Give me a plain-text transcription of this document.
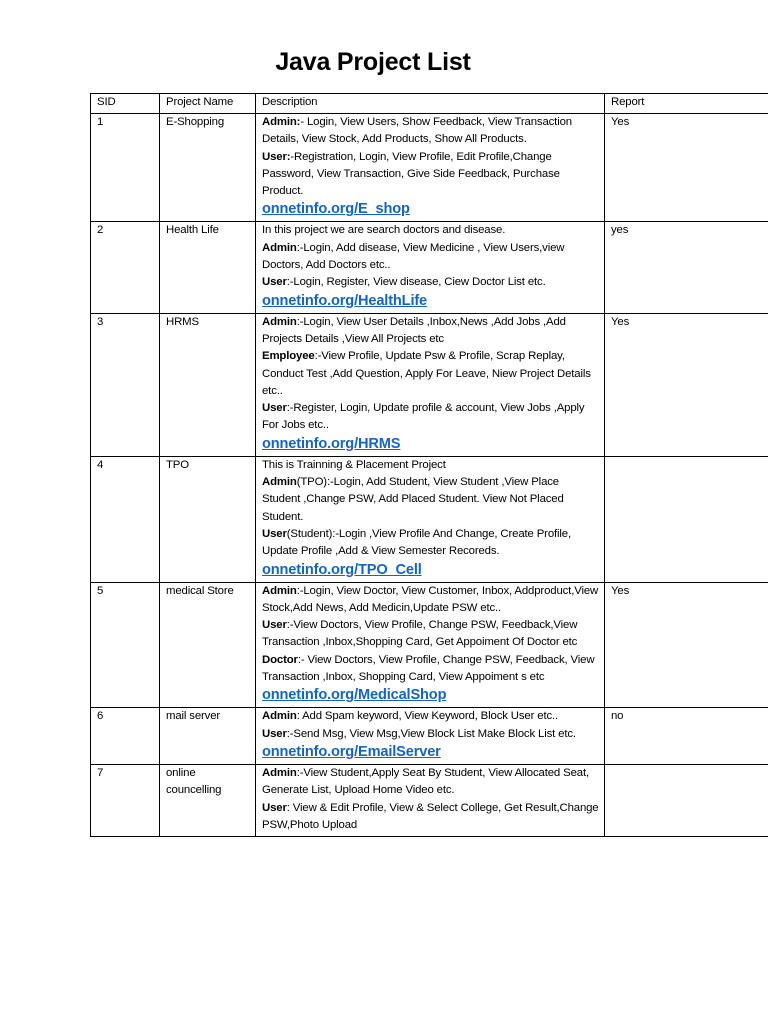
Java Project List
SID	Project Name	Description	Report
1	E-Shopping	Admin:- Login, View Users, Show Feedback, View Transaction Details, View Stock, Add Products, Show All Products.
User:-Registration, Login, View Profile, Edit Profile,Change Password, View Transaction, Give Side Feedback, Purchase Product.
onnetinfo.org/E_shop	Yes
2	Health Life	In this project we are search doctors and disease.
Admin:-Login, Add disease, View Medicine , View Users,view Doctors, Add Doctors etc..
User:-Login, Register, View disease, Ciew Doctor List etc.
onnetinfo.org/HealthLife	yes
3	HRMS	Admin:-Login, View User Details ,Inbox,News ,Add Jobs ,Add Projects Details ,View All Projects etc
Employee:-View Profile, Update Psw & Profile, Scrap Replay, Conduct Test ,Add Question, Apply For Leave, Niew Project Details etc..
User:-Register, Login, Update profile & account, View Jobs ,Apply For Jobs etc..
onnetinfo.org/HRMS	Yes
4	TPO	This is Trainning & Placement Project
Admin(TPO):-Login, Add Student, View Student ,View Place Student ,Change PSW, Add Placed Student. View Not Placed Student.
User(Student):-Login ,View Profile And Change, Create Profile, Update Profile ,Add & View Semester Recoreds.
onnetinfo.org/TPO_Cell	

5	medical Store	Admin:-Login, View Doctor, View Customer, Inbox, Addproduct,View Stock,Add News, Add Medicin,Update PSW etc..
User:-View Doctors, View Profile, Change PSW, Feedback,View Transaction ,Inbox,Shopping Card, Get Appoiment Of Doctor etc
Doctor:- View Doctors, View Profile, Change PSW, Feedback, View Transaction ,Inbox, Shopping Card, View Appoiment s etc
onnetinfo.org/MedicalShop	Yes
6	mail server	Admin: Add Spam keyword, View Keyword, Block User etc..
User:-Send Msg, View Msg,View Block List Make Block List etc.
onnetinfo.org/EmailServer	no
7	online councelling	Admin:-View Student,Apply Seat By Student, View Allocated Seat, Generate List, Upload Home Video etc.
User: View & Edit Profile, View & Select College, Get Result,Change PSW,Photo Upload	
